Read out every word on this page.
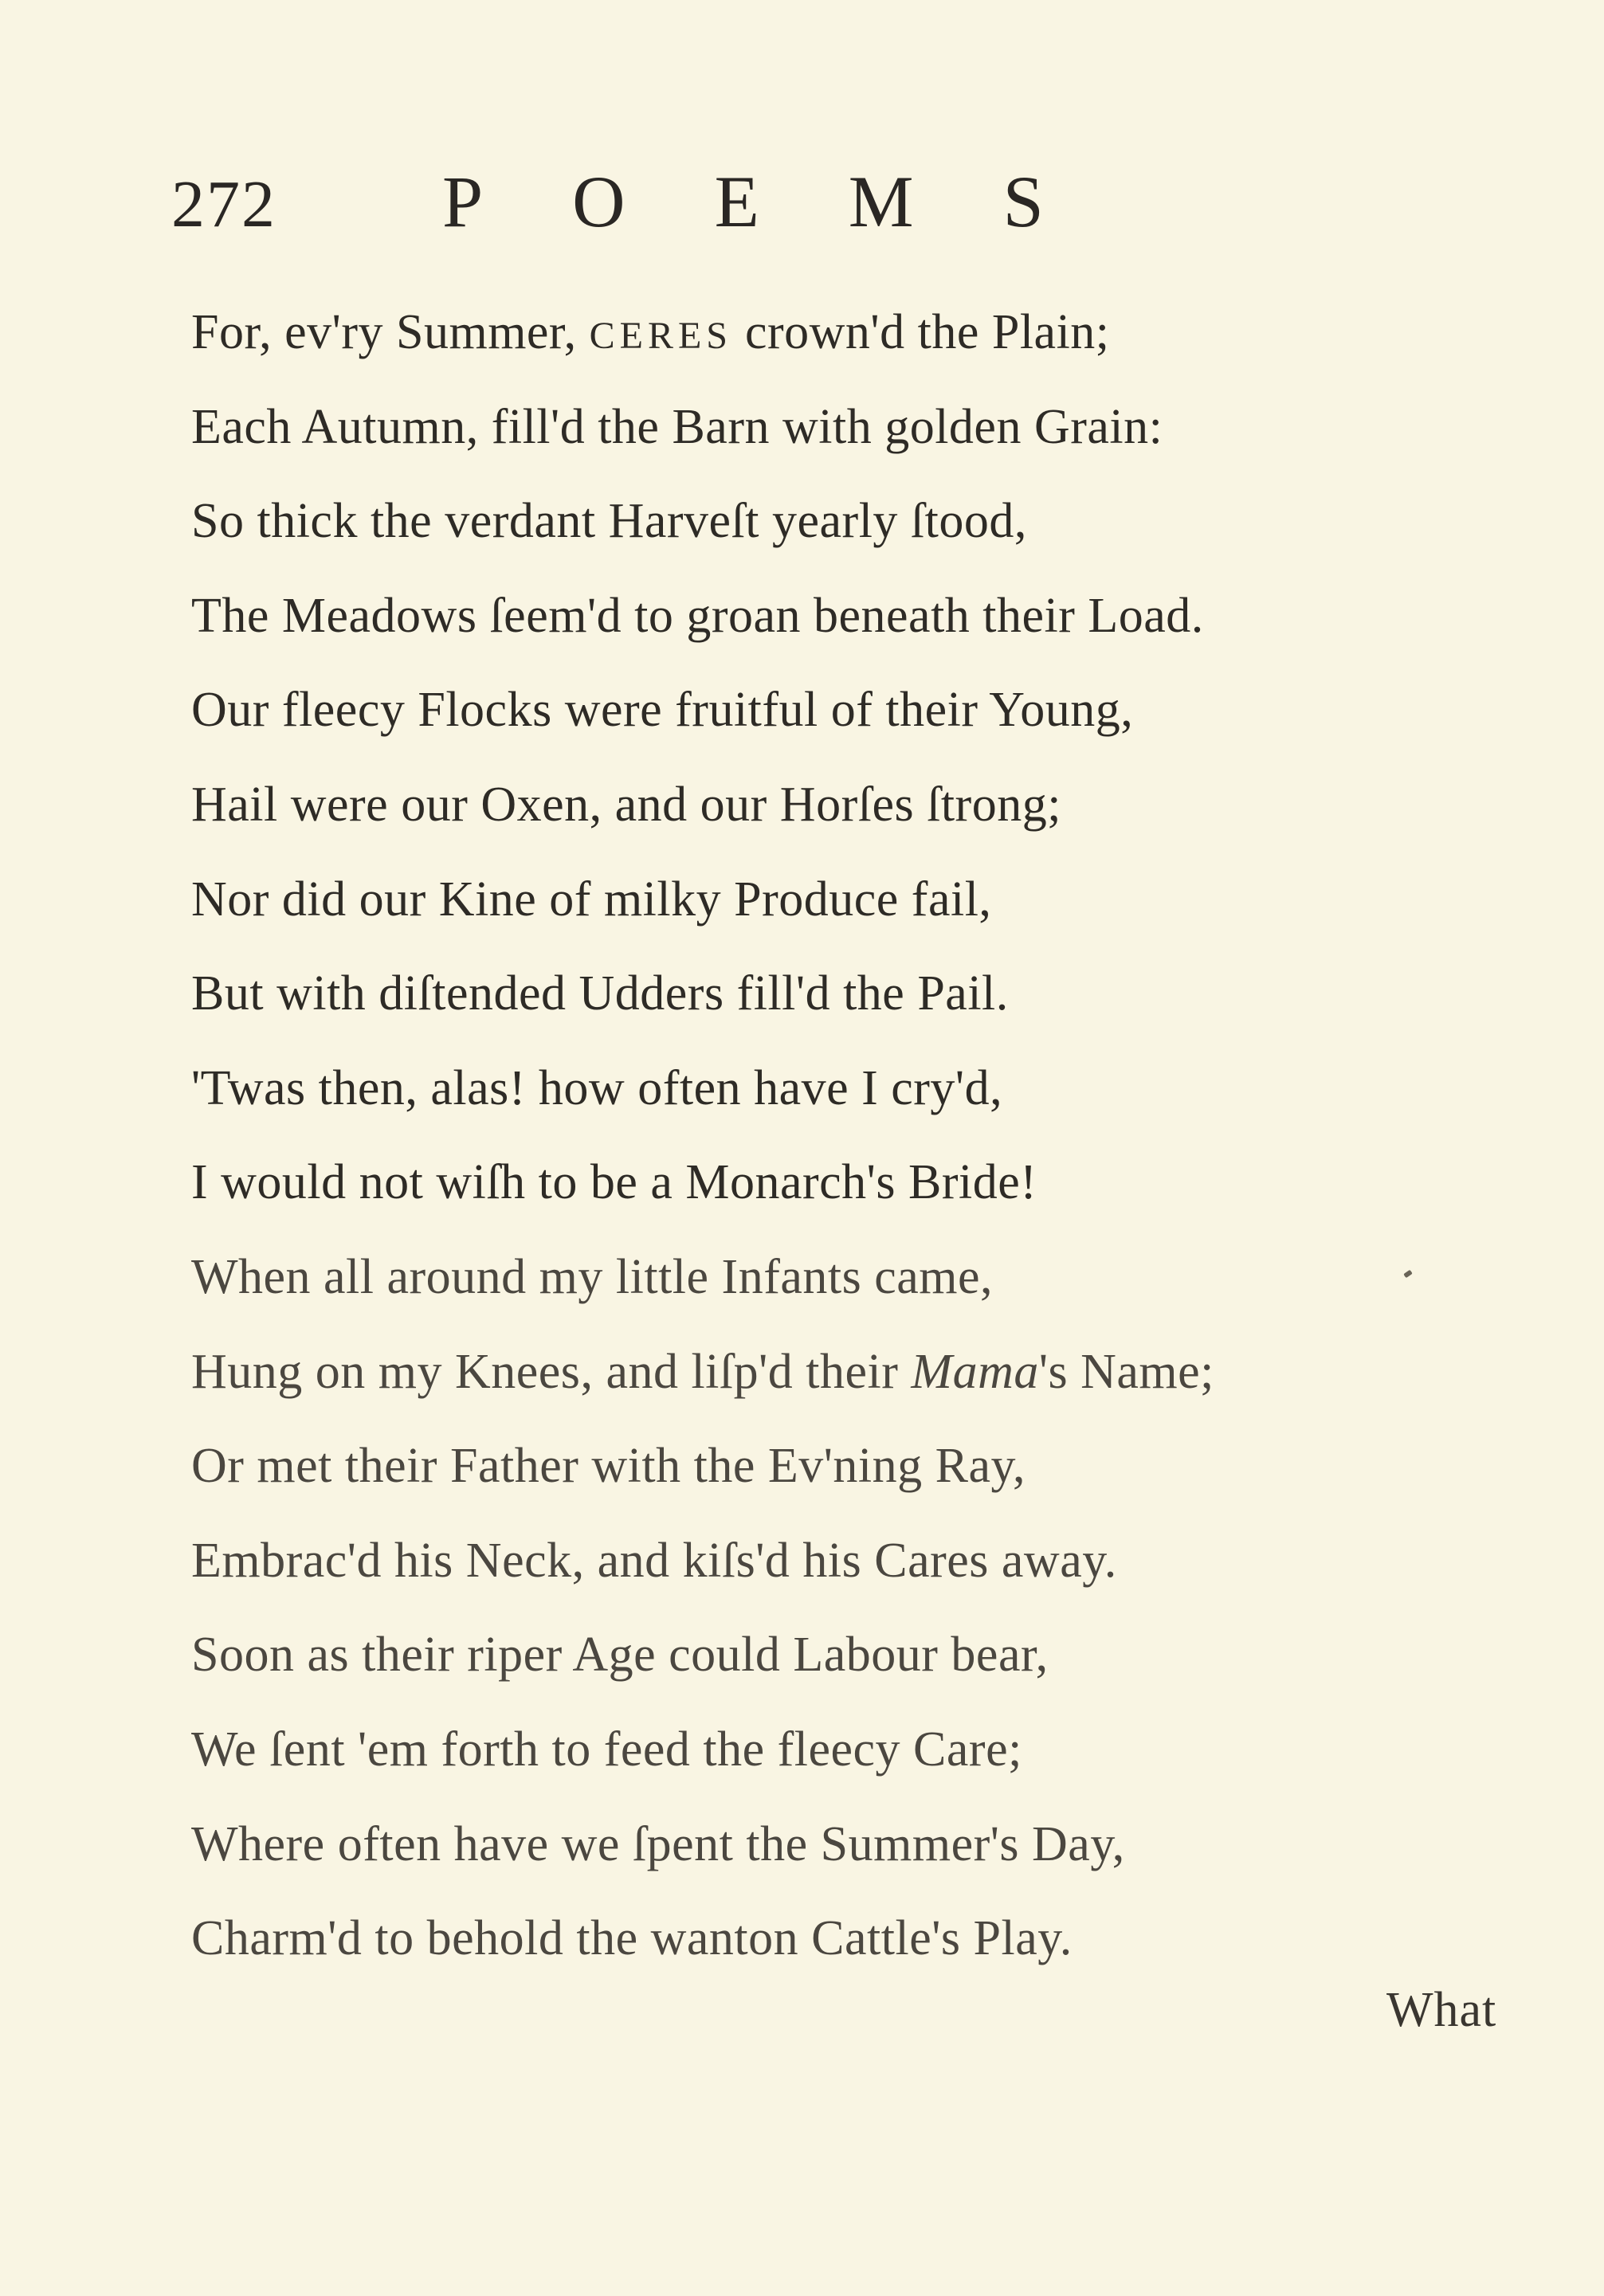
272 POEMS
For, ev'ry Summer, CERES crown'd the Plain;
Each Autumn, fill'd the Barn with golden Grain:
So thick the verdant Harveſt yearly ſtood,
The Meadows ſeem'd to groan beneath their Load.
Our fleecy Flocks were fruitful of their Young,
Hail were our Oxen, and our Horſes ſtrong;
Nor did our Kine of milky Produce fail,
But with diſtended Udders fill'd the Pail.
'Twas then, alas! how often have I cry'd,
I would not wiſh to be a Monarch's Bride!
When all around my little Infants came,
Hung on my Knees, and liſp'd their Mama's Name;
Or met their Father with the Ev'ning Ray,
Embrac'd his Neck, and kiſs'd his Cares away.
Soon as their riper Age could Labour bear,
We ſent 'em forth to feed the fleecy Care;
Where often have we ſpent the Summer's Day,
Charm'd to behold the wanton Cattle's Play.
What
